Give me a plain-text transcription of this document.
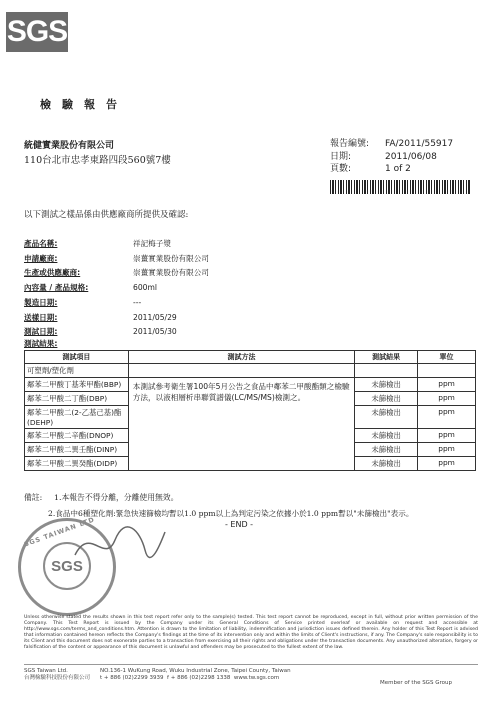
SGS
檢驗報告
統健實業股份有限公司
110台北市忠孝東路四段560號7樓
報告編號: FA/2011/55917
日期:	2011/06/08
頁數:	1 of 2
以下測試之樣品係由供應廠商所提供及確認:
產品名稱:	祥記梅子漿
申請廠商:	崇薑實業股份有限公司
生產或供應廠商:	崇薑實業股份有限公司
內容量 / 產品規格:	600ml
製造日期:	---
送樣日期:	2011/05/29
測試日期:	2011/05/30
測試結果:
測試項目	測試方法	測試結果	單位
可塑劑/塑化劑			
鄰苯二甲酸丁基苯甲酯(BBP)	本測試參考衛生署100年5月公告之食品中鄰苯二甲酸酯類之檢驗方法，以液相層析串聯質譜儀(LC/MS/MS)檢測之。	未篩檢出	ppm
鄰苯二甲酸二丁酯(DBP)		未篩檢出	ppm
鄰苯二甲酸二(2-乙基己基)酯(DEHP)		未篩檢出	ppm
鄰苯二甲酸二辛酯(DNOP)		未篩檢出	ppm
鄰苯二甲酸二異壬酯(DINP)		未篩檢出	ppm
鄰苯二甲酸二異癸酯(DIDP)		未篩檢出	ppm
備註: 1.本報告不得分離，分離使用無效。
2.食品中6種塑化劑:緊急快速篩檢均暫以1.0 ppm以上為判定污染之依據小於1.0 ppm暫以"未篩檢出"表示。
- END -
SGS
SGS TAIWAN LTD
Unless otherwise stated the results shown in this test report refer only to the sample(s) tested. This test report cannot be reproduced, except in full, without prior written permission of the Company. This Test Report is issued by the Company under its General Conditions of Service printed overleaf or available on request and accessible at http://www.sgs.com/terms_and_conditions.htm. Attention is drawn to the limitation of liability, indemnification and jurisdiction issues defined therein. Any holder of this Test Report is advised that information contained hereon reflects the Company's findings at the time of its intervention only and within the limits of Client's instructions, if any. The Company's sole responsibility is to its Client and this document does not exonerate parties to a transaction from exercising all their rights and obligations under the transaction documents. Any unauthorized alteration, forgery or falsification of the content or appearance of this document is unlawful and offenders may be prosecuted to the fullest extent of the law.
SGS Taiwan Ltd.
台灣檢驗科技股份有限公司
NO.136-1 WuKung Road, Wuku Industrial Zone, Taipei County, Taiwan
t + 886 (02)2299 3939 f + 886 (02)2298 1338 www.tw.sgs.com
Member of the SGS Group
